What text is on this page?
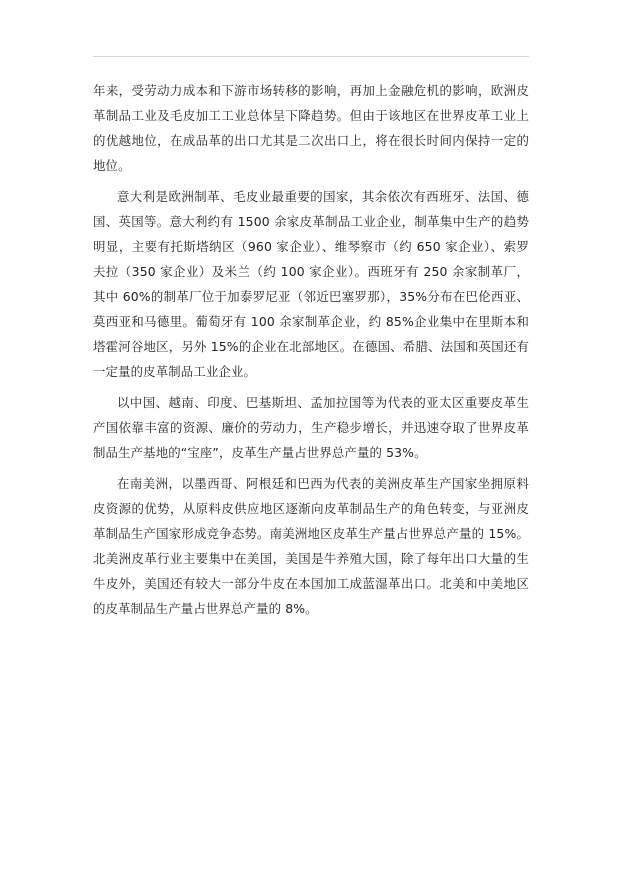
年来，受劳动力成本和下游市场转移的影响，再加上金融危机的影响，欧洲皮革制品工业及毛皮加工工业总体呈下降趋势。但由于该地区在世界皮革工业上的优越地位，在成品革的出口尤其是二次出口上，将在很长时间内保持一定的地位。

意大利是欧洲制革、毛皮业最重要的国家，其余依次有西班牙、法国、德国、英国等。意大利约有 1500 余家皮革制品工业企业，制革集中生产的趋势明显，主要有托斯塔纳区（960 家企业）、维琴察市（约 650 家企业）、索罗夫拉（350 家企业）及米兰（约 100 家企业）。西班牙有 250 余家制革厂，其中 60%的制革厂位于加泰罗尼亚（邻近巴塞罗那），35%分布在巴伦西亚、莫西亚和马德里。葡萄牙有 100 余家制革企业，约 85%企业集中在里斯本和塔霍河谷地区，另外 15%的企业在北部地区。在德国、希腊、法国和英国还有一定量的皮革制品工业企业。

以中国、越南、印度、巴基斯坦、孟加拉国等为代表的亚太区重要皮革生产国依靠丰富的资源、廉价的劳动力，生产稳步增长，并迅速夺取了世界皮革制品生产基地的“宝座”，皮革生产量占世界总产量的 53%。

在南美洲，以墨西哥、阿根廷和巴西为代表的美洲皮革生产国家坐拥原料皮资源的优势，从原料皮供应地区逐渐向皮革制品生产的角色转变，与亚洲皮革制品生产国家形成竞争态势。南美洲地区皮革生产量占世界总产量的 15%。北美洲皮革行业主要集中在美国，美国是牛养殖大国，除了每年出口大量的生牛皮外，美国还有较大一部分牛皮在本国加工成蓝湿革出口。北美和中美地区的皮革制品生产量占世界总产量的 8%。
